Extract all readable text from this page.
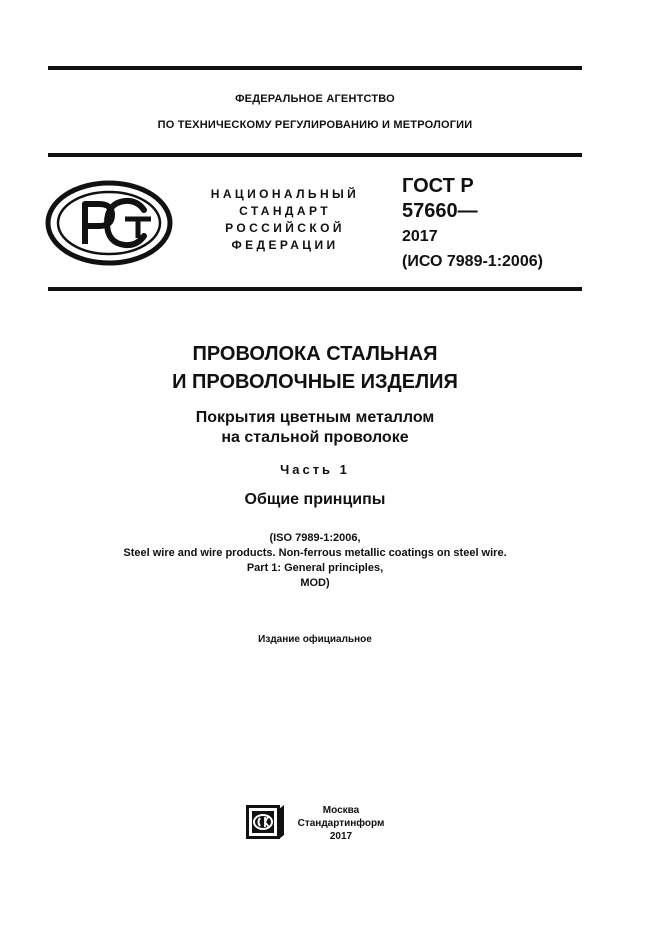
ФЕДЕРАЛЬНОЕ АГЕНТСТВО
ПО ТЕХНИЧЕСКОМУ РЕГУЛИРОВАНИЮ И МЕТРОЛОГИИ
НАЦИОНАЛЬНЫЙ
СТАНДАРТ
РОССИЙСКОЙ
ФЕДЕРАЦИИ
ГОСТ Р
57660—
2017
(ИСО 7989-1:2006)
ПРОВОЛОКА СТАЛЬНАЯ
И ПРОВОЛОЧНЫЕ ИЗДЕЛИЯ
Покрытия цветным металлом
на стальной проволоке
Часть 1
Общие принципы
(ISO 7989-1:2006,
Steel wire and wire products. Non-ferrous metallic coatings on steel wire.
Part 1: General principles,
MOD)
Издание официальное
Москва
Стандартинформ
2017
